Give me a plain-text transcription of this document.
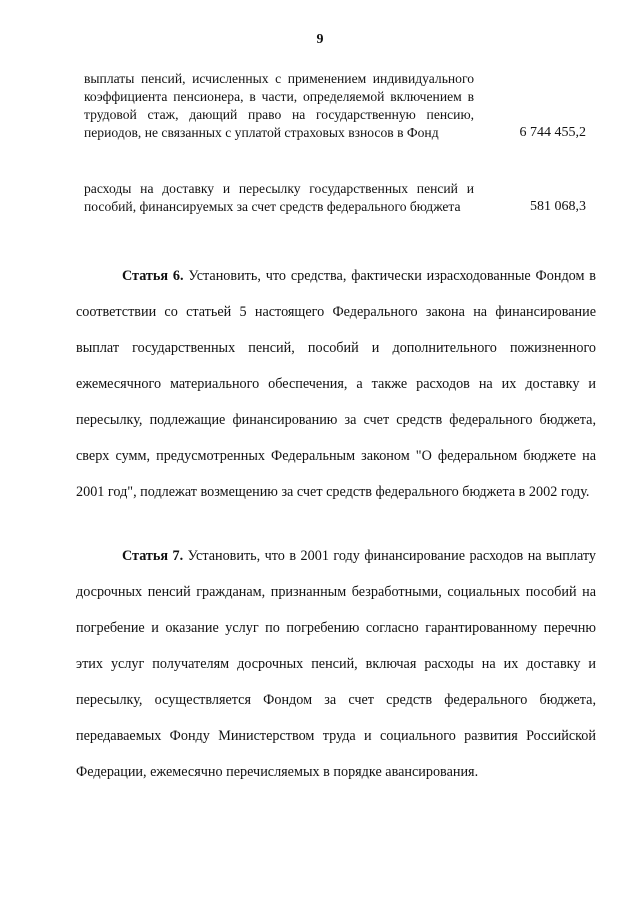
9
выплаты пенсий, исчисленных с применением индивидуального коэффициента пенсионера, в части, определяемой включением в трудовой стаж, дающий право на государственную пенсию, периодов, не связанных с уплатой страховых взносов в Фонд	6 744 455,2
расходы на доставку и пересылку государственных пенсий и пособий, финансируемых за счет средств федерального бюджета	581 068,3

Статья 6. Установить, что средства, фактически израсходованные Фондом в соответствии со статьей 5 настоящего Федерального закона на финансирование выплат государственных пенсий, пособий и дополнительного пожизненного ежемесячного материального обеспечения, а также расходов на их доставку и пересылку, подлежащие финансированию за счет средств федерального бюджета, сверх сумм, предусмотренных Федеральным законом "О федеральном бюджете на 2001 год", подлежат возмещению за счет средств федерального бюджета в 2002 году.

Статья 7. Установить, что в 2001 году финансирование расходов на выплату досрочных пенсий гражданам, признанным безработными, социальных пособий на погребение и оказание услуг по погребению согласно гарантированному перечню этих услуг получателям досрочных пенсий, включая расходы на их доставку и пересылку, осуществляется Фондом за счет средств федерального бюджета, передаваемых Фонду Министерством труда и социального развития Российской Федерации, ежемесячно перечисляемых в порядке авансирования.
